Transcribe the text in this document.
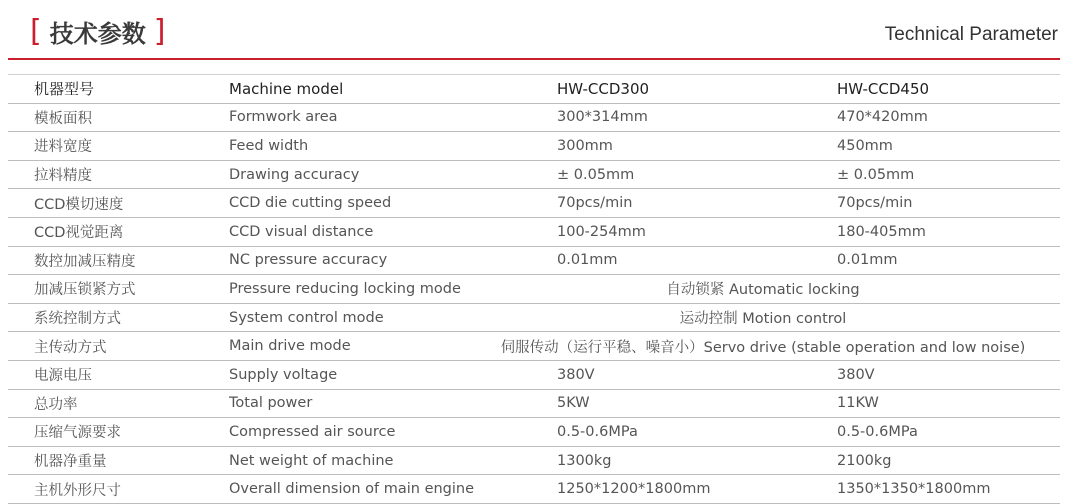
[ 技术参数 ]	Technical Parameter
机器型号	Machine model	HW-CCD300	HW-CCD450
模板面积	Formwork area	300*314mm	470*420mm
进料宽度	Feed width	300mm	450mm
拉料精度	Drawing accuracy	± 0.05mm	± 0.05mm
CCD模切速度	CCD die cutting speed	70pcs/min	70pcs/min
CCD视觉距离	CCD visual distance	100-254mm	180-405mm
数控加减压精度	NC pressure accuracy	0.01mm	0.01mm
加减压锁紧方式	Pressure reducing locking mode	自动锁紧 Automatic locking
系统控制方式	System control mode	运动控制 Motion control
主传动方式	Main drive mode	伺服传动（运行平稳、噪音小）Servo drive (stable operation and low noise)
电源电压	Supply voltage	380V	380V
总功率	Total power	5KW	11KW
压缩气源要求	Compressed air source	0.5-0.6MPa	0.5-0.6MPa
机器净重量	Net weight of machine	1300kg	2100kg
主机外形尺寸	Overall dimension of main engine	1250*1200*1800mm	1350*1350*1800mm
